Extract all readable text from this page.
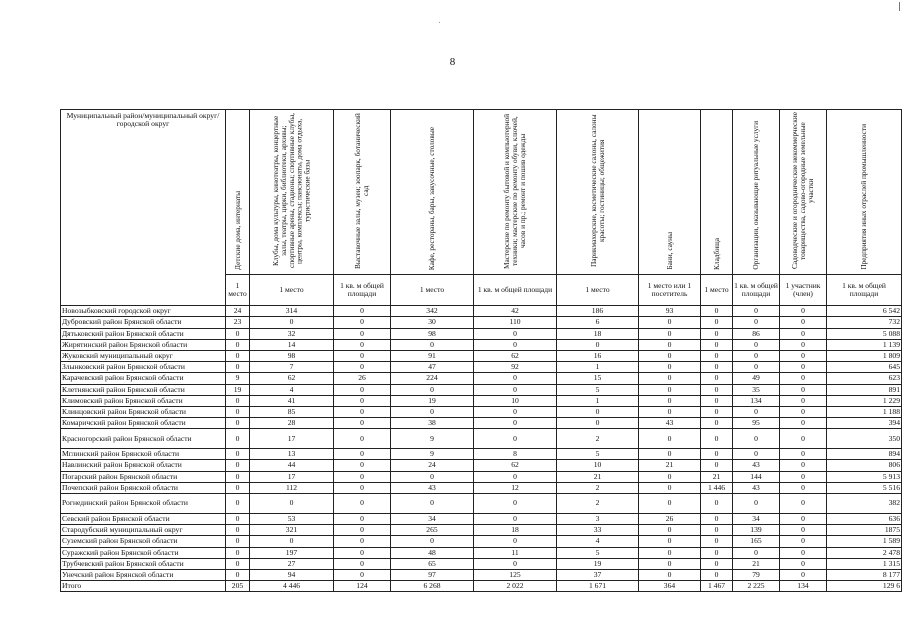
8
Муниципальный район/муниципальный округ/городской округ	Детские дома, интернаты	Клубы, дома культуры, кинотеатры, концертные залы, театры, цирки, библиотеки, архивы; спортивные арены, стадионы; спортивные клубы, центры, комплексы; пансионаты, дома отдыха, туристические базы	Выставочные залы, музеи; зоопарк, ботанический сад	Кафе, рестораны, бары, закусочные, столовые	Мастерские по ремонту бытовой и компьютерной техники; мастерские по ремонту обуви, ключей, часов и пр.; ремонт и пошив одежды	Парикмахерские, косметические салоны, салоны красоты; гостиницы; общежития	Бани, сауны	Кладбища	Организации, оказывающие ритуальные услуги	Садоводческие и огороднические некоммерческие товарищества, садово-огородные земельные участки	Предприятия иных отраслей промышленности
	1 место	1 место	1 кв. м общей площади	1 место	1 кв. м общей площади	1 место	1 место или 1 посетитель	1 место	1 кв. м общей площади	1 участник (член)	1 кв. м общей площади
Новозыбковский городской округ	24	314	0	342	42	186	93	0	0	0	6 542
Дубровский район Брянской области	23	0	0	30	110	6	0	0	0	0	732
Дятьковский район Брянской области	0	32	0	98	0	18	0	0	86	0	5 088
Жирятинский район Брянской области	0	14	0	0	0	0	0	0	0	0	1 139
Жуковский муниципальный округ	0	98	0	91	62	16	0	0	0	0	1 809
Злынковский район Брянской области	0	7	0	47	92	1	0	0	0	0	645
Карачевский район Брянской области	9	62	26	224	0	15	0	0	49	0	623
Клетнянский район Брянской области	19	4	0	0	0	5	0	0	35	0	891
Климовский район Брянской области	0	41	0	19	10	1	0	0	134	0	1 229
Клинцовский район Брянской области	0	85	0	0	0	0	0	0	0	0	1 188
Комаричский район Брянской области	0	28	0	38	0	0	43	0	95	0	394
Красногорский район Брянской области	0	17	0	9	0	2	0	0	0	0	350
Мглинский район Брянской области	0	13	0	9	8	5	0	0	0	0	894
Навлинский район Брянской области	0	44	0	24	62	10	21	0	43	0	806
Погарский район Брянской области	0	17	0	0	0	21	0	21	144	0	5 913
Почепский район Брянской области	0	112	0	43	12	2	0	1 446	43	0	5 516
Рогнединский район Брянской области	0	0	0	0	0	2	0	0	0	0	382
Севский район Брянской области	0	53	0	34	0	3	26	0	34	0	636
Стародубский муниципальный округ	0	321	0	265	18	33	0	0	139	0	1875
Суземский район Брянской области	0	0	0	0	0	4	0	0	165	0	1 589
Суражский район Брянской области	0	197	0	48	11	5	0	0	0	0	2 478
Трубчевский район Брянской области	0	27	0	65	0	19	0	0	21	0	1 315
Унечский район Брянской области	0	94	0	97	125	37	0	0	79	0	8 177
Итого	205	4 446	124	6 268	2 022	1 671	364	1 467	2 225	134	129 6
